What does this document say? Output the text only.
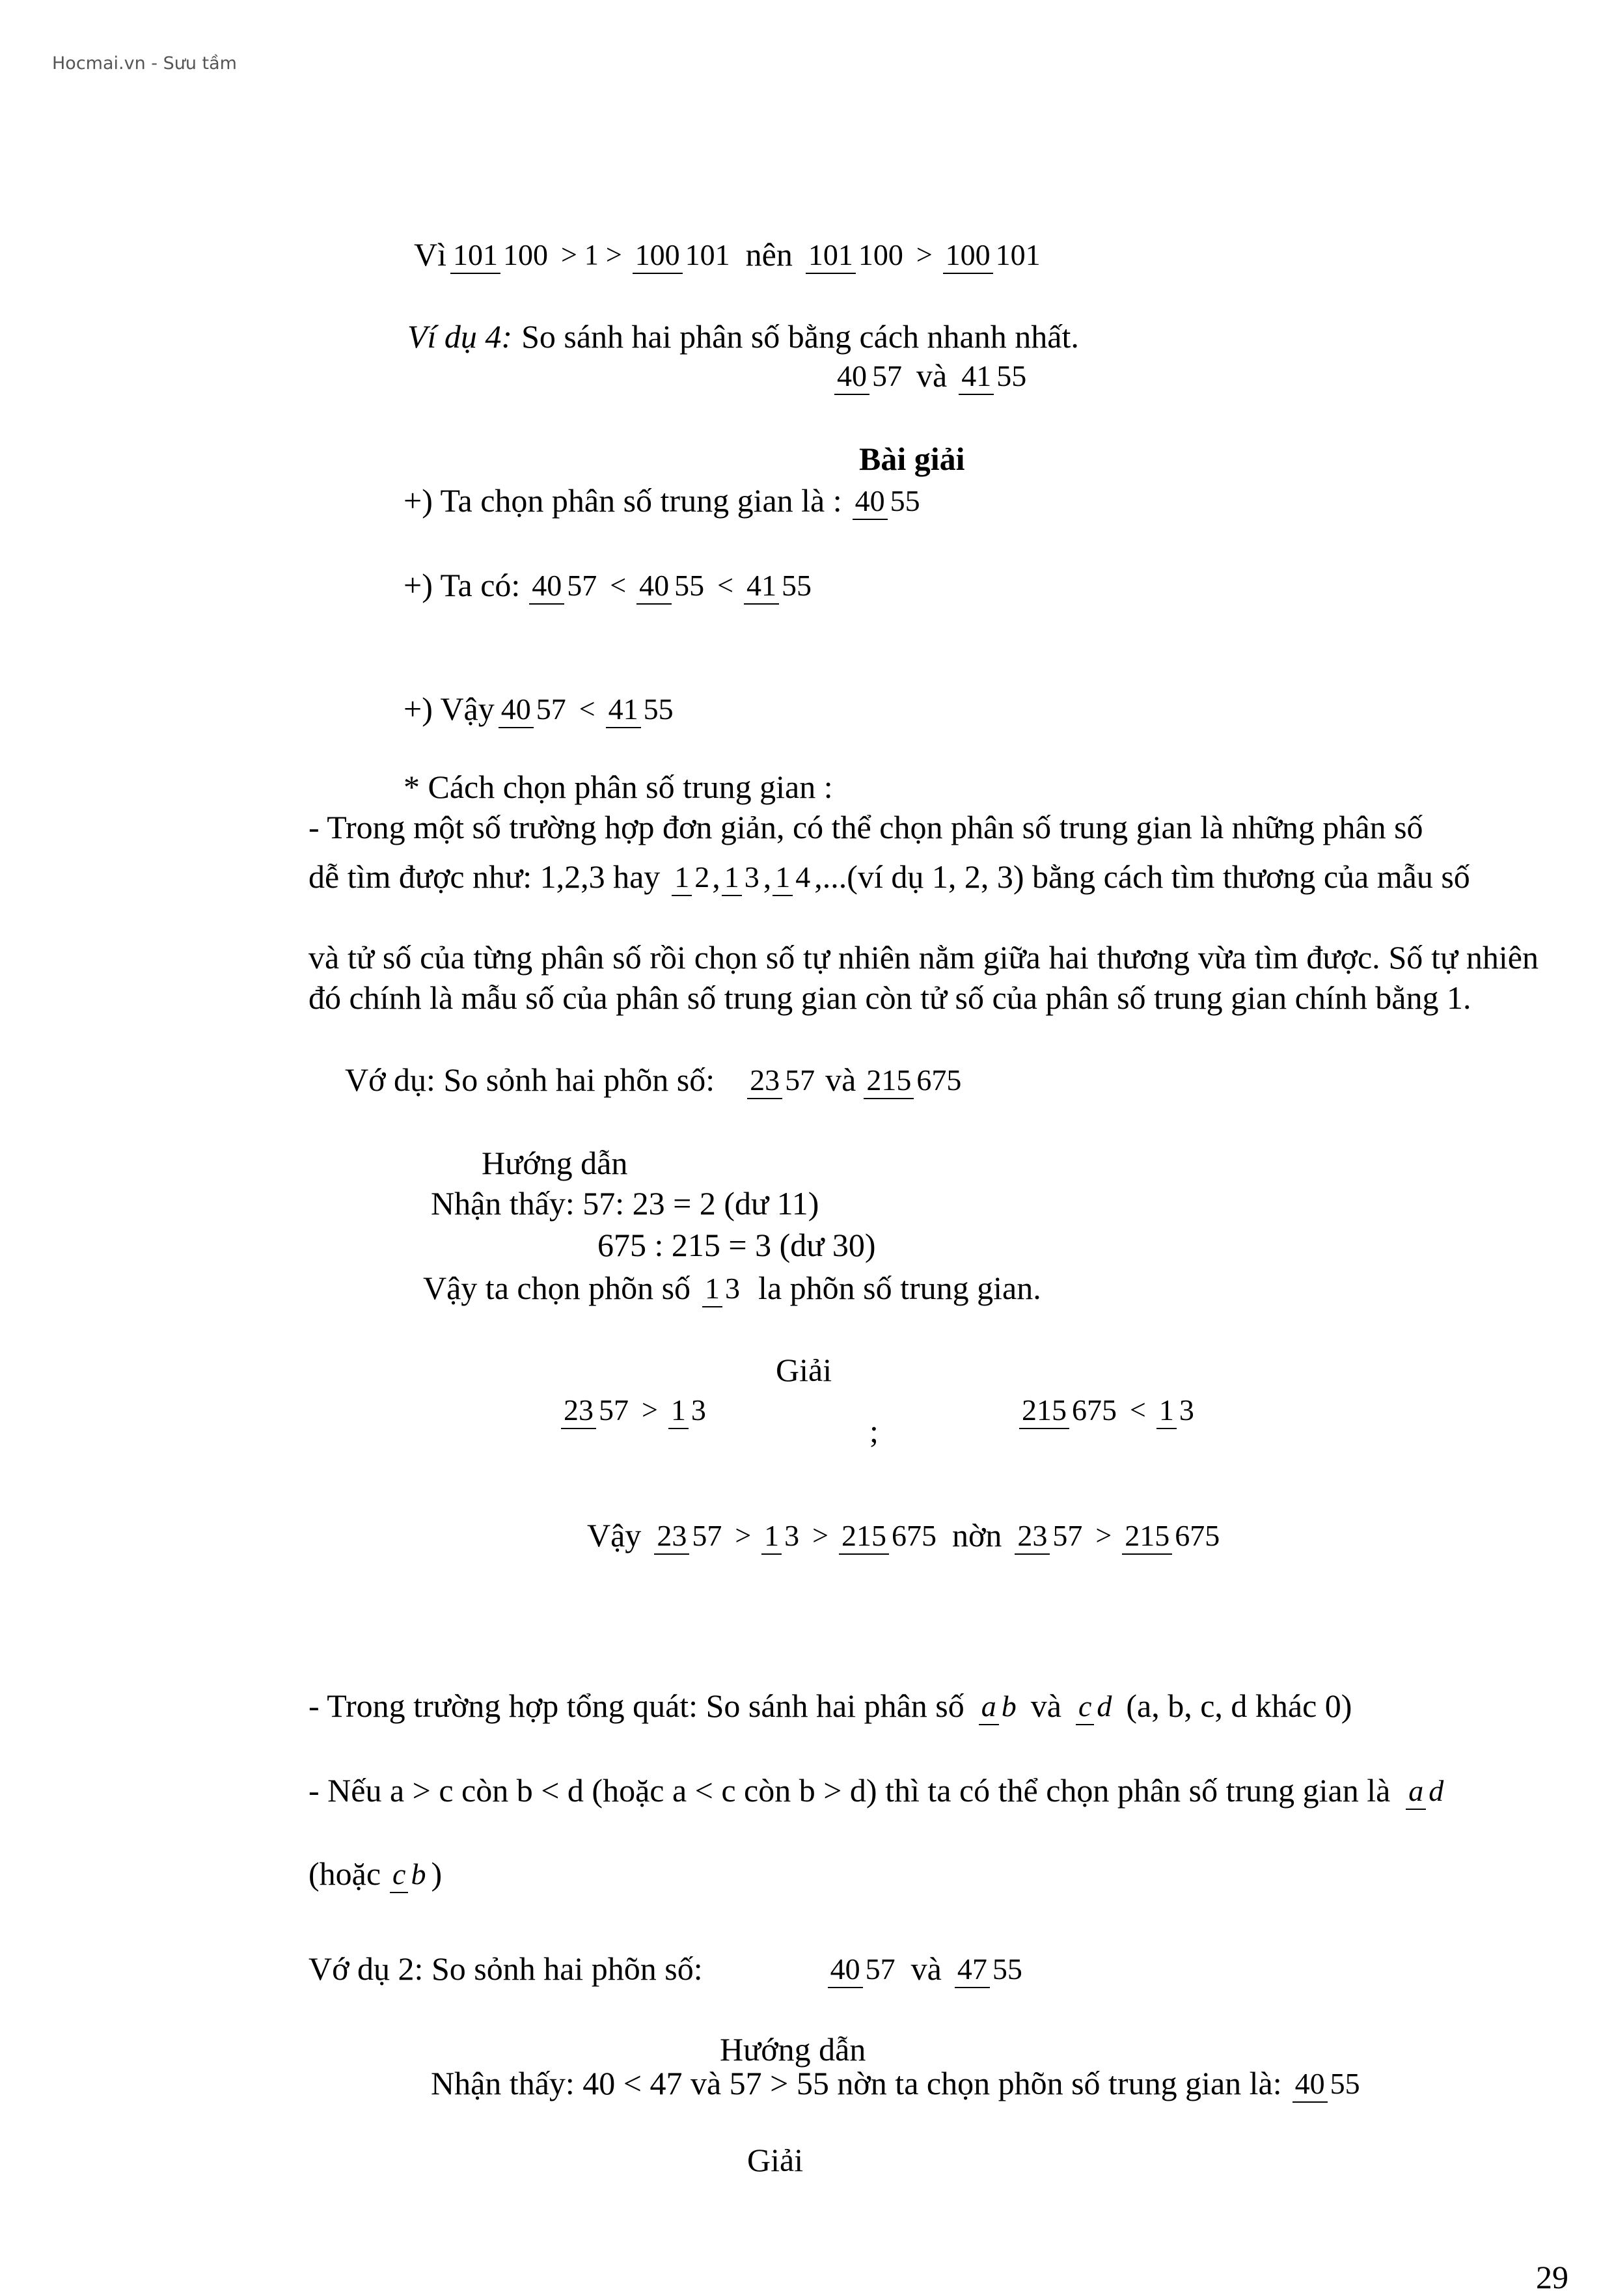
Hocmai.vn - Sưu tầm
Vì 101 100 > 1 > 100 101 nên 101 100 > 100 101
Ví dụ 4: So sánh hai phân số bằng cách nhanh nhất.
40 57 và 41 55
Bài giải
+) Ta chọn phân số trung gian là : 40 55
+) Ta có: 40 57 < 40 55 < 41 55
+) Vậy 40 57 < 41 55
* Cách chọn phân số trung gian :
- Trong một số trường hợp đơn giản, có thể chọn phân số trung gian là những phân số
dễ tìm được như: 1,2,3 hay 1 2 , 1 3 , 1 4 ,...(ví dụ 1, 2, 3) bằng cách tìm thương của mẫu số
và tử số của từng phân số rồi chọn số tự nhiên nằm giữa hai thương vừa tìm được. Số tự nhiên đó chính là mẫu số của phân số trung gian còn tử số của phân số trung gian chính bằng 1.
Vớ dụ: So sỏnh hai phõn số: 23 57 và 215 675
Hướng dẫn
Nhận thấy: 57: 23 = 2 (dư 11)
675 : 215 = 3 (dư 30)
Vậy ta chọn phõn số 1 3 la phõn số trung gian.
Giải
23 57 > 1 3
;
215 675 < 1 3
Vậy 23 57 > 1 3 > 215 675 nờn 23 57 > 215 675
- Trong trường hợp tổng quát: So sánh hai phân số a b và c d (a, b, c, d khác 0)
- Nếu a > c còn b < d (hoặc a < c còn b > d) thì ta có thể chọn phân số trung gian là a d
(hoặc c b )
Vớ dụ 2: So sỏnh hai phõn số:	40 57 và 47 55
Hướng dẫn
Nhận thấy: 40 < 47 và 57 > 55 nờn ta chọn phõn số trung gian là: 40 55
Giải
29
